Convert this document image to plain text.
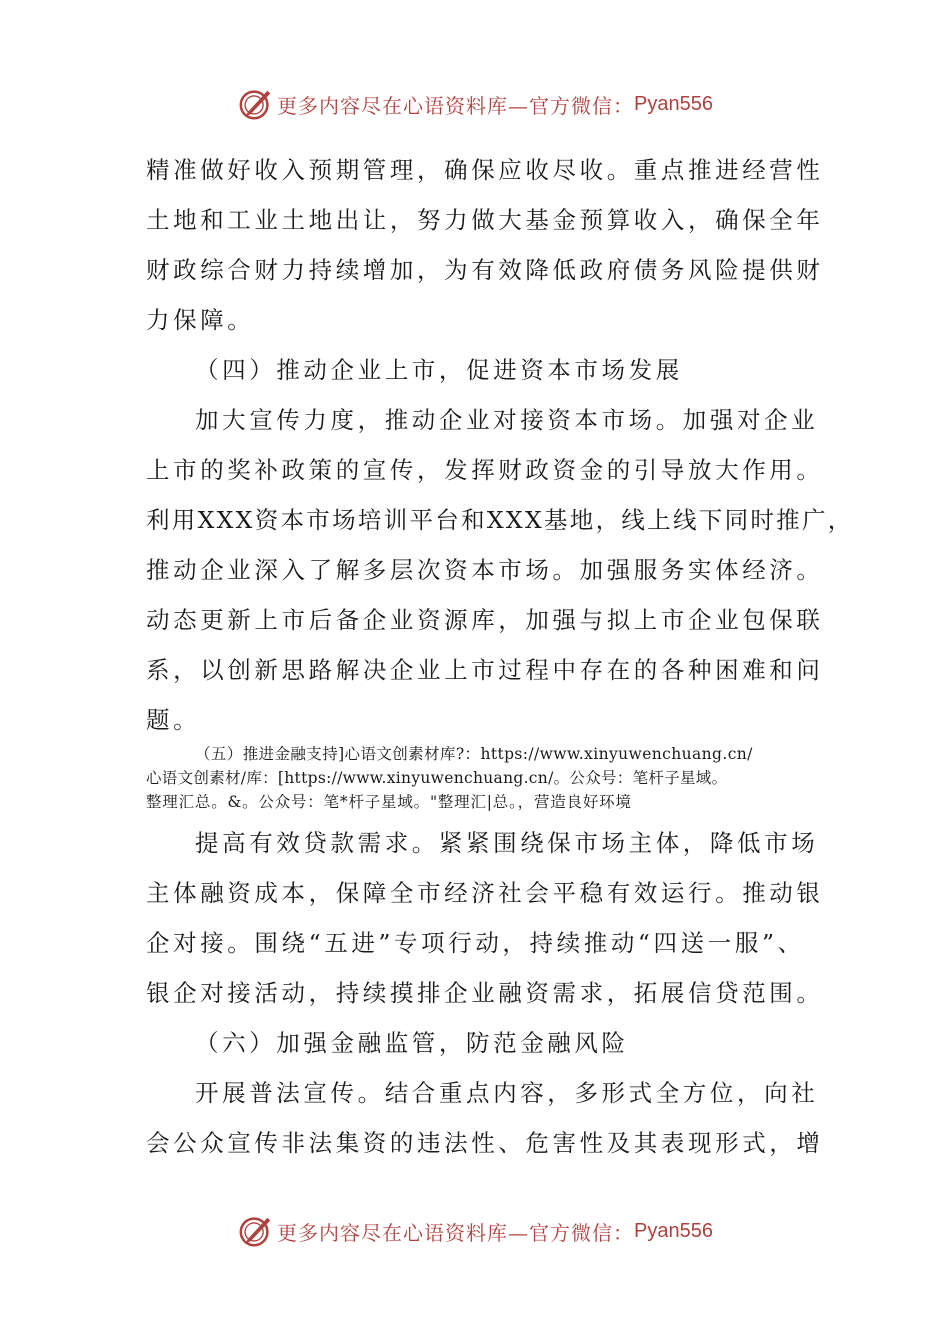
更多内容尽在心语资料库—官方微信： Pyan556
精准做好收入预期管理，确保应收尽收。重点推进经营性
土地和工业土地出让，努力做大基金预算收入，确保全年
财政综合财力持续增加，为有效降低政府债务风险提供财
力保障。
（四）推动企业上市，促进资本市场发展
加大宣传力度，推动企业对接资本市场。加强对企业
上市的奖补政策的宣传，发挥财政资金的引导放大作用。
利用XXX资本市场培训平台和XXX基地，线上线下同时推广，
推动企业深入了解多层次资本市场。加强服务实体经济。
动态更新上市后备企业资源库，加强与拟上市企业包保联
系，以创新思路解决企业上市过程中存在的各种困难和问
题。
（五）推进金融支持]心语文创素材库?：https://www.xinyuwenchuang.cn/
心语文创素材/库：[https://www.xinyuwenchuang.cn/。公众号：笔杆子星域。
整理汇总。&。公众号：笔*杆子星域。"整理汇|总。，营造良好环境
提高有效贷款需求。紧紧围绕保市场主体，降低市场
主体融资成本，保障全市经济社会平稳有效运行。推动银
企对接。围绕“五进”专项行动，持续推动“四送一服”、
银企对接活动，持续摸排企业融资需求，拓展信贷范围。
（六）加强金融监管，防范金融风险
开展普法宣传。结合重点内容，多形式全方位，向社
会公众宣传非法集资的违法性、危害性及其表现形式，增
更多内容尽在心语资料库—官方微信： Pyan556
